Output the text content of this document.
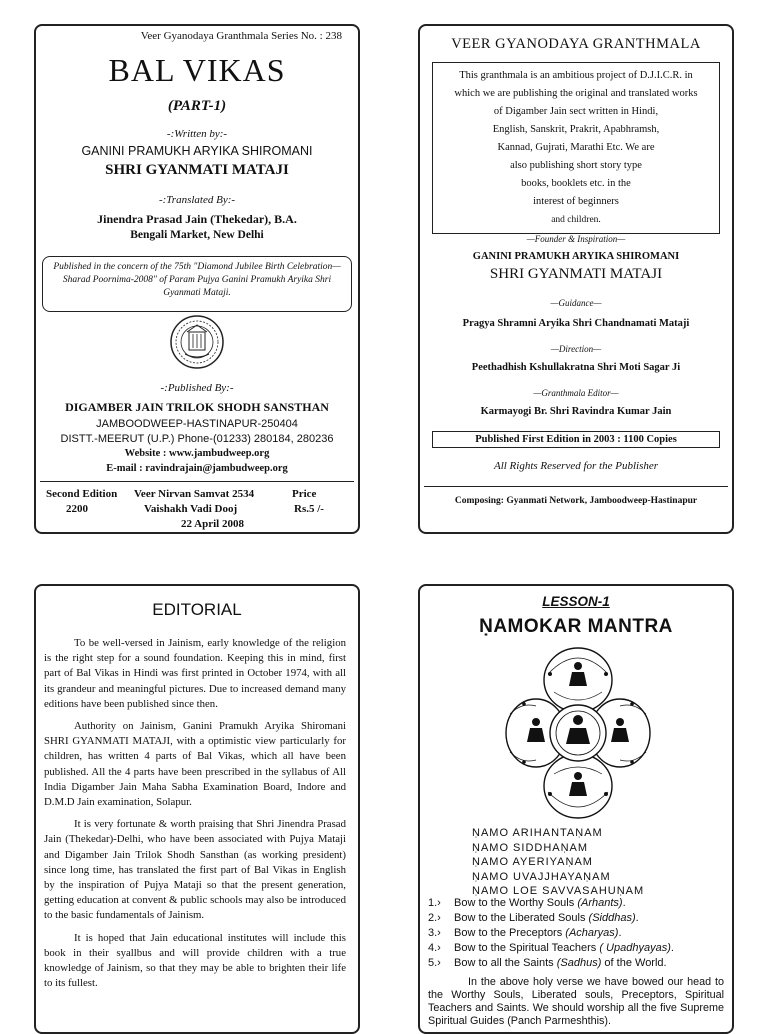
Veer Gyanodaya Granthmala Series No. : 238
BAL VIKAS
(PART-1)
-:Written by:-
GANINI PRAMUKH ARYIKA SHIROMANI
SHRI GYANMATI MATAJI
-:Translated By:-
Jinendra Prasad Jain (Thekedar), B.A.
Bengali Market, New Delhi
Published in the concern of the 75th "Diamond Jubilee Birth Celebration—Sharad Poornima-2008" of Param Pujya Ganini Pramukh Aryika Shri Gyanmati Mataji.
-:Published By:-
DIGAMBER JAIN TRILOK SHODH SANSTHAN
JAMBOODWEEP-HASTINAPUR-250404
DISTT.-MEERUT (U.P.) Phone-(01233) 280184, 280236
Website : www.jambudweep.org
E-mail : ravindrajain@jambudweep.org
Second Edition
2200
Veer Nirvan Samvat 2534
Vaishakh Vadi Dooj
22 April 2008
Price
Rs.5 /-
VEER GYANODAYA GRANTHMALA
This granthmala is an ambitious project of D.J.I.C.R. in
which we are publishing the original and translated works
of Digamber Jain sect written in Hindi,
English, Sanskrit, Prakrit, Apabhramsh,
Kannad, Gujrati, Marathi Etc. We are
also publishing short story type
books, booklets etc. in the
interest of beginners
and children.
—Founder & Inspiration—
GANINI PRAMUKH ARYIKA SHIROMANI
SHRI GYANMATI MATAJI
—Guidance—
Pragya Shramni Aryika Shri Chandnamati Mataji
—Direction—
Peethadhish Kshullakratna Shri Moti Sagar Ji
—Granthmala Editor—
Karmayogi Br. Shri Ravindra Kumar Jain
Published First Edition in 2003 : 1100 Copies
All Rights Reserved for the Publisher
Composing: Gyanmati Network, Jamboodweep-Hastinapur
EDITORIAL

To be well-versed in Jainism, early knowledge of the religion is the right step for a sound foundation. Keeping this in mind, first part of Bal Vikas in Hindi was first printed in October 1974, with all its grandeur and meaningful pictures. Due to increased demand many editions have been published since then.

Authority on Jainism, Ganini Pramukh Aryika Shiromani SHRI GYANMATI MATAJI, with a optimistic view particularly for children, has written 4 parts of Bal Vikas, which all have been published. All the 4 parts have been prescribed in the syllabus of All India Digamber Jain Maha Sabha Examination Board, Indore and D.M.D Jain examination, Solapur.

It is very fortunate & worth praising that Shri Jinendra Prasad Jain (Thekedar)-Delhi, who have been associated with Pujya Mataji and Digamber Jain Trilok Shodh Sansthan (as working president) since long time, has translated the first part of Bal Vikas in English by the inspiration of Pujya Mataji so that the present generation, getting education at convent & public schools may also be introduced to the basic fundamentals of Jainism.

It is hoped that Jain educational institutes will include this book in their syallbus and will provide children with a true knowledge of Jainism, so that they may be able to brighten their life to its fullest.

LESSON-1
ṆAMOKAR MANTRA
ṆAMO ARIHANTAṆAM
ṆAMO SIDDHAṆAM
ṆAMO AYERIYAṆAM
ṆAMO UVAJJHAYAṆAM
ṆAMO LOE SAVVASAHUṆAM
1.› Bow to the Worthy Souls (Arhants).
2.› Bow to the Liberated Souls (Siddhas).
3.› Bow to the Preceptors (Acharyas).
4.› Bow to the Spiritual Teachers ( Upadhyayas).
5.› Bow to all the Saints (Sadhus) of the World.
In the above holy verse we have bowed our head to the Worthy Souls, Liberated souls, Preceptors, Spiritual Teachers and Saints. We should worship all the five Supreme Spiritual Guides (Panch Parmeshthis).
